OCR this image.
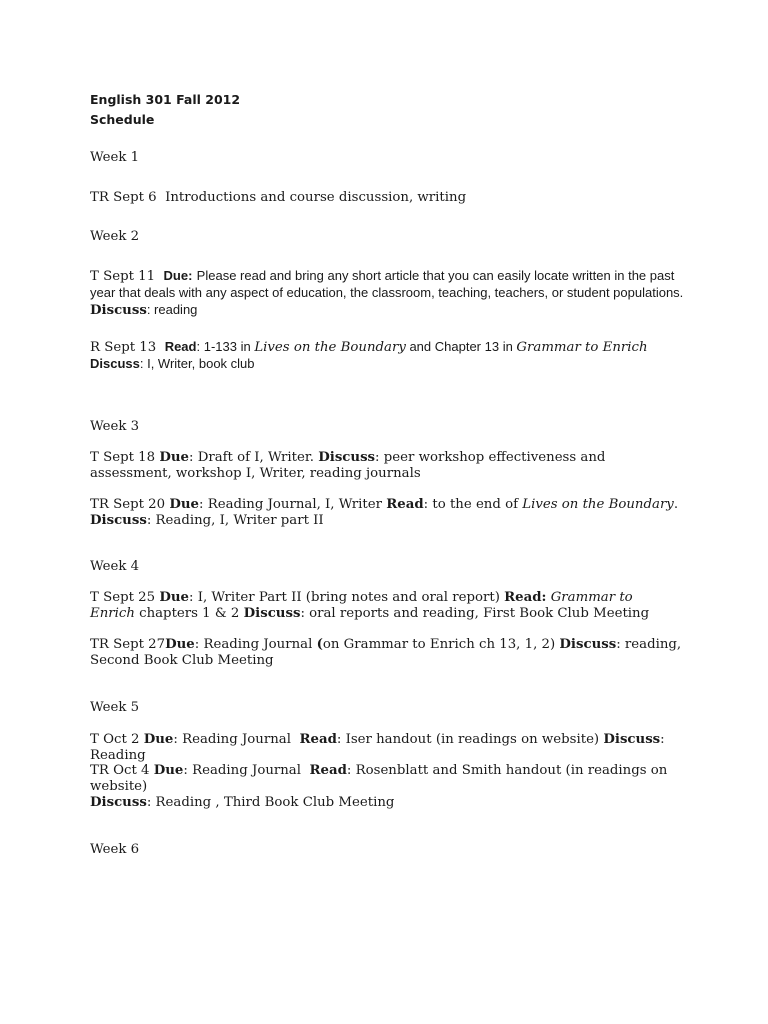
English 301 Fall 2012
Schedule
Week 1
TR Sept 6 Introductions and course discussion, writing
Week 2
T Sept 11 Due: Please read and bring any short article that you can easily locate written in the past year that deals with any aspect of education, the classroom, teaching, teachers, or student populations.
Discuss: reading
R Sept 13 Read: 1-133 in Lives on the Boundary and Chapter 13 in Grammar to Enrich Discuss: I, Writer, book club
Week 3
T Sept 18 Due: Draft of I, Writer. Discuss: peer workshop effectiveness and assessment, workshop I, Writer, reading journals
TR Sept 20 Due: Reading Journal, I, Writer Read: to the end of Lives on the Boundary.
Discuss: Reading, I, Writer part II
Week 4
T Sept 25 Due: I, Writer Part II (bring notes and oral report) Read: Grammar to Enrich chapters 1 & 2 Discuss: oral reports and reading, First Book Club Meeting
TR Sept 27Due: Reading Journal (on Grammar to Enrich ch 13, 1, 2) Discuss: reading, Second Book Club Meeting
Week 5
T Oct 2 Due: Reading Journal  Read: Iser handout (in readings on website) Discuss: Reading
TR Oct 4 Due: Reading Journal  Read: Rosenblatt and Smith handout (in readings on website)
Discuss: Reading , Third Book Club Meeting
Week 6
